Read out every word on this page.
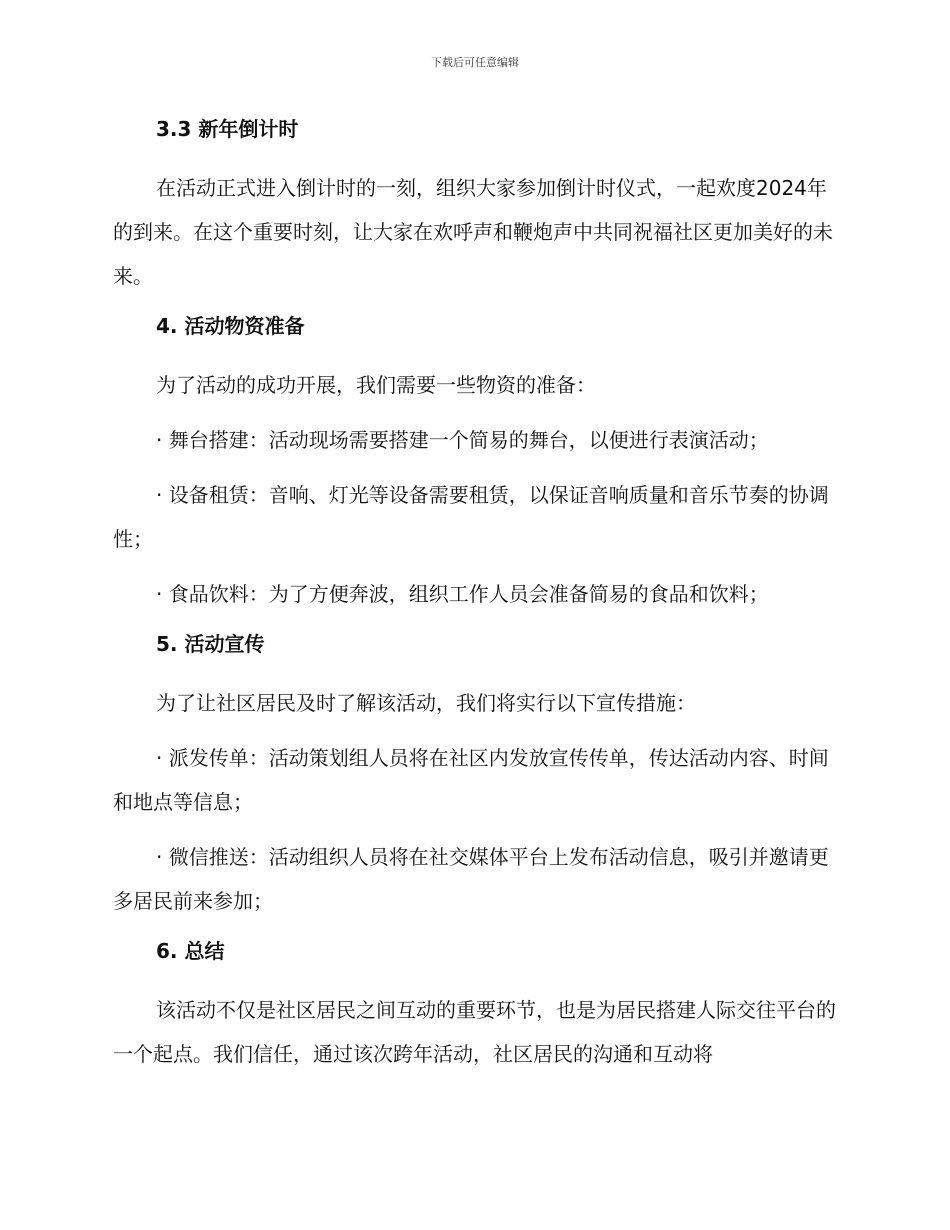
下载后可任意编辑
3.3 新年倒计时

在活动正式进入倒计时的一刻，组织大家参加倒计时仪式，一起欢度2024年的到来。在这个重要时刻，让大家在欢呼声和鞭炮声中共同祝福社区更加美好的未来。

4. 活动物资准备

为了活动的成功开展，我们需要一些物资的准备：

· 舞台搭建：活动现场需要搭建一个简易的舞台，以便进行表演活动；

· 设备租赁：音响、灯光等设备需要租赁，以保证音响质量和音乐节奏的协调性；

· 食品饮料：为了方便奔波，组织工作人员会准备简易的食品和饮料；

5. 活动宣传

为了让社区居民及时了解该活动，我们将实行以下宣传措施：

· 派发传单：活动策划组人员将在社区内发放宣传传单，传达活动内容、时间和地点等信息；

· 微信推送：活动组织人员将在社交媒体平台上发布活动信息，吸引并邀请更多居民前来参加；

6. 总结

该活动不仅是社区居民之间互动的重要环节，也是为居民搭建人际交往平台的一个起点。我们信任，通过该次跨年活动，社区居民的沟通和互动将
